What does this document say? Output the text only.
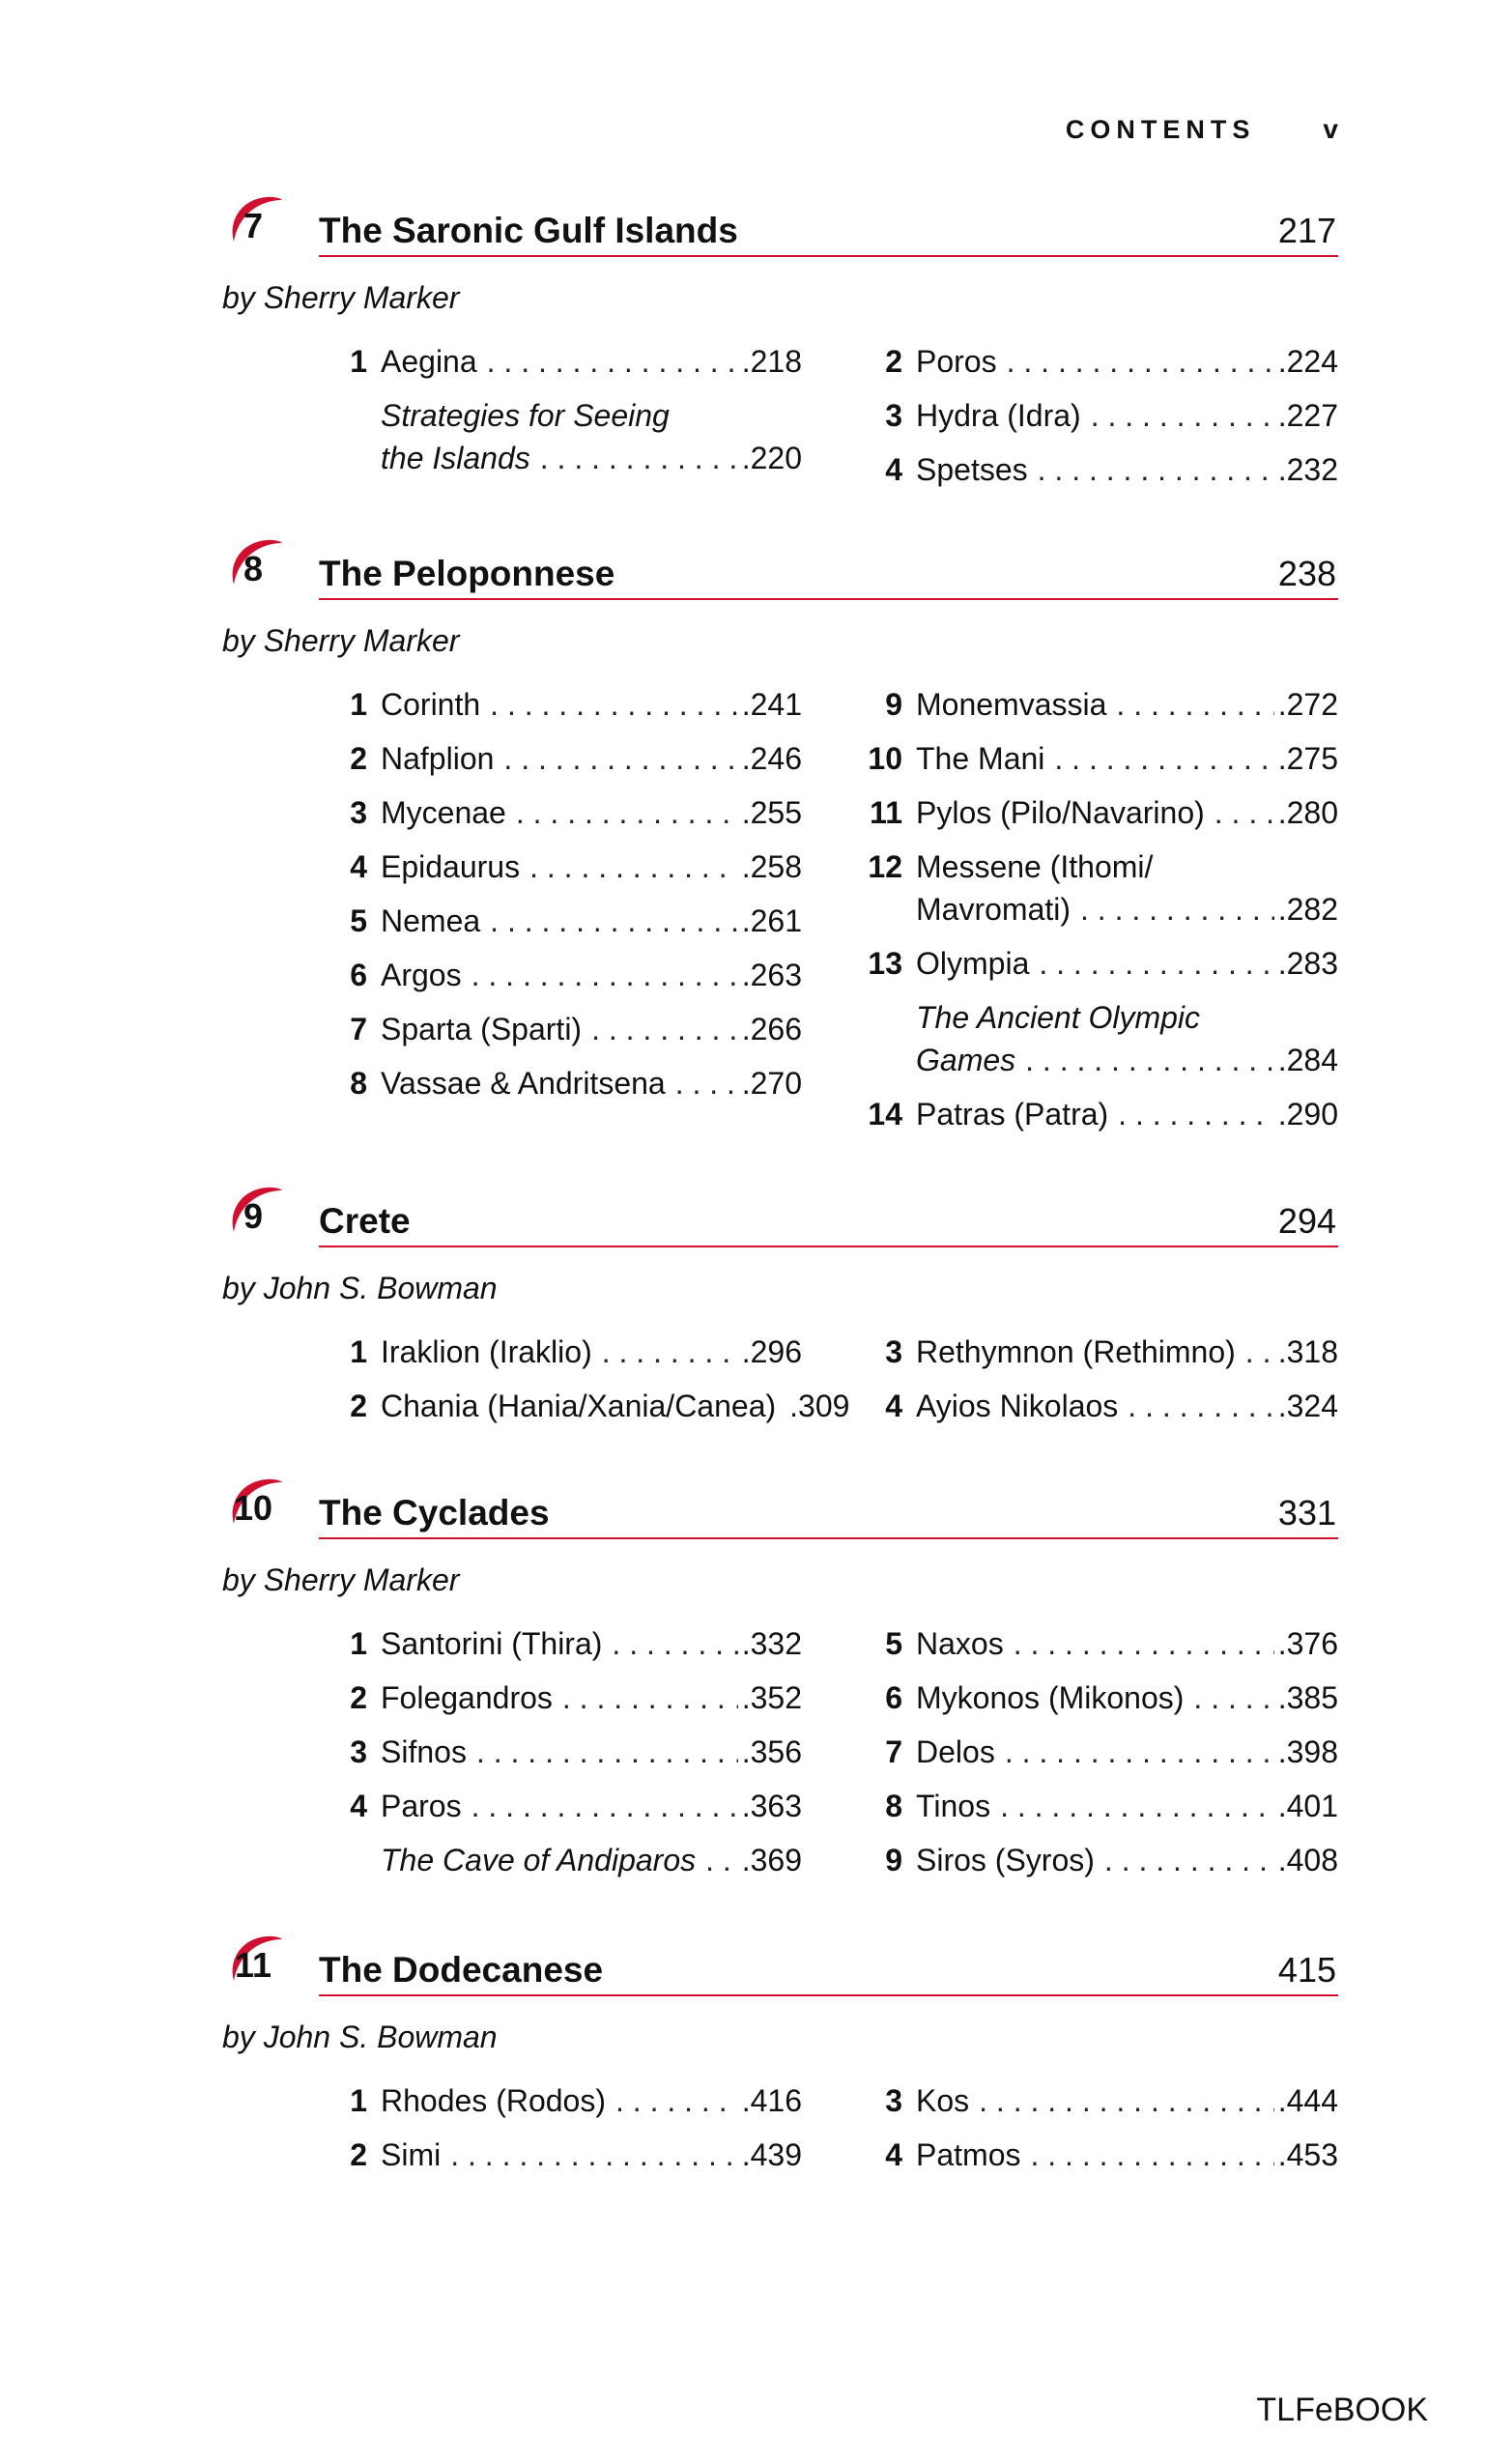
CONTENTS	v
7	The Saronic Gulf Islands	217
by Sherry Marker
1 Aegina . . .	.218
Strategies for Seeing
the Islands . . .	.220
2 Poros . . .	.224
3 Hydra (Idra) . . .	.227
4 Spetses . . .	.232
8	The Peloponnese	238
by Sherry Marker
1 Corinth . . .	.241
2 Nafplion . . .	.246
3 Mycenae . . .	.255
4 Epidaurus . . .	.258
5 Nemea . . .	.261
6 Argos . . .	.263
7 Sparta (Sparti) . . .	.266
8 Vassae & Andritsena . . . .270
9 Monemvassia . . .	.272
10 The Mani . . .	.275
11 Pylos (Pilo/Navarino) . . . .280
12 Messene (Ithomi/
Mavromati) . . .	.282
13 Olympia . . .	.283
The Ancient Olympic
Games . . .	.284
14 Patras (Patra) . . .	.290
9	Crete	294
by John S. Bowman
1 Iraklion (Iraklio) . . .	.296
2 Chania (Hania/Xania/Canea) .309
3 Rethymnon (Rethimno) . . . .318
4 Ayios Nikolaos . . .	.324
10	The Cyclades	331
by Sherry Marker
1 Santorini (Thira) . . .	.332
2 Folegandros . . .	.352
3 Sifnos . . .	.356
4 Paros . . .	.363
The Cave of Andiparos . . . .369
5 Naxos . . .	.376
6 Mykonos (Mikonos) . . .	.385
7 Delos . . .	.398
8 Tinos . . .	.401
9 Siros (Syros) . . .	.408
11	The Dodecanese	415
by John S. Bowman
1 Rhodes (Rodos) . . .	.416
2 Simi . . .	.439
3 Kos . . .	.444
4 Patmos . . .	.453
TLFeBOOK
